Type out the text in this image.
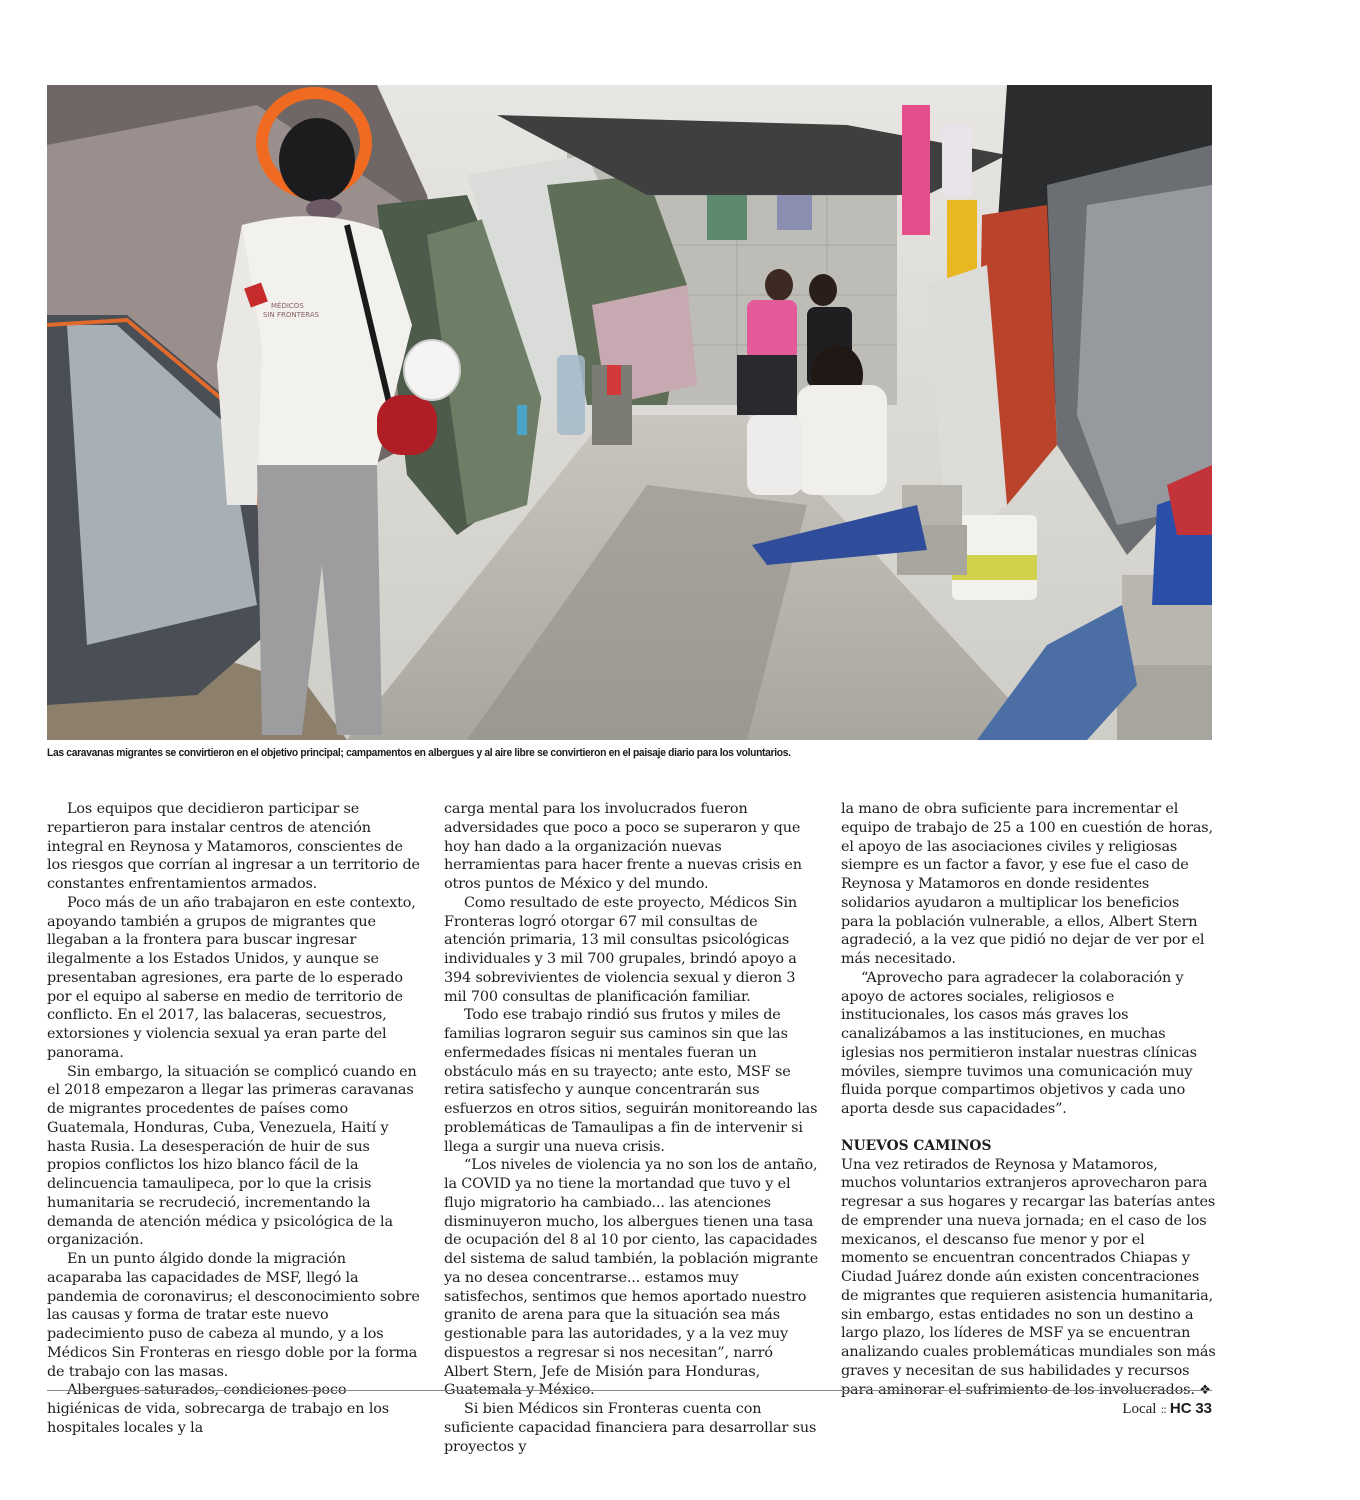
MÉDICOS
SIN FRONTERAS
Las caravanas migrantes se convirtieron en el objetivo principal; campamentos en albergues y al aire libre se convirtieron en el paisaje diario para los voluntarios.

Los equipos que decidieron participar se repartieron para instalar centros de atención integral en Reynosa y Matamoros, conscientes de los riesgos que corrían al ingresar a un territorio de constantes enfrentamientos armados.

Poco más de un año trabajaron en este contexto, apoyando también a grupos de migrantes que llegaban a la frontera para buscar ingresar ilegalmente a los Estados Unidos, y aunque se presentaban agresiones, era parte de lo esperado por el equipo al saberse en medio de territorio de conflicto. En el 2017, las balaceras, secuestros, extorsiones y violencia sexual ya eran parte del panorama.

Sin embargo, la situación se complicó cuando en el 2018 empezaron a llegar las primeras caravanas de migrantes procedentes de países como Guatemala, Honduras, Cuba, Venezuela, Haití y hasta Rusia. La desesperación de huir de sus propios conflictos los hizo blanco fácil de la delincuencia tamaulipeca, por lo que la crisis humanitaria se recrudeció, incrementando la demanda de atención médica y psicológica de la organización.

En un punto álgido donde la migración acaparaba las capacidades de MSF, llegó la pandemia de coronavirus; el desconocimiento sobre las causas y forma de tratar este nuevo padecimiento puso de cabeza al mundo, y a los Médicos Sin Fronteras en riesgo doble por la forma de trabajo con las masas.

Albergues saturados, condiciones poco higiénicas de vida, sobrecarga de trabajo en los hospitales locales y la

carga mental para los involucrados fueron adversidades que poco a poco se superaron y que hoy han dado a la organización nuevas herramientas para hacer frente a nuevas crisis en otros puntos de México y del mundo.

Como resultado de este proyecto, Médicos Sin Fronteras logró otorgar 67 mil consultas de atención primaria, 13 mil consultas psicológicas individuales y 3 mil 700 grupales, brindó apoyo a 394 sobrevivientes de violencia sexual y dieron 3 mil 700 consultas de planificación familiar.

Todo ese trabajo rindió sus frutos y miles de familias lograron seguir sus caminos sin que las enfermedades físicas ni mentales fueran un obstáculo más en su trayecto; ante esto, MSF se retira satisfecho y aunque concentrarán sus esfuerzos en otros sitios, seguirán monitoreando las problemáticas de Tamaulipas a fin de intervenir si llega a surgir una nueva crisis.

“Los niveles de violencia ya no son los de antaño, la COVID ya no tiene la mortandad que tuvo y el flujo migratorio ha cambiado... las atenciones disminuyeron mucho, los albergues tienen una tasa de ocupación del 8 al 10 por ciento, las capacidades del sistema de salud también, la población migrante ya no desea concentrarse... estamos muy satisfechos, sentimos que hemos aportado nuestro granito de arena para que la situación sea más gestionable para las autoridades, y a la vez muy dispuestos a regresar si nos necesitan”, narró Albert Stern, Jefe de Misión para Honduras, Guatemala y México.

Si bien Médicos sin Fronteras cuenta con suficiente capacidad financiera para desarrollar sus proyectos y

la mano de obra suficiente para incrementar el equipo de trabajo de 25 a 100 en cuestión de horas, el apoyo de las asociaciones civiles y religiosas siempre es un factor a favor, y ese fue el caso de Reynosa y Matamoros en donde residentes solidarios ayudaron a multiplicar los beneficios para la población vulnerable, a ellos, Albert Stern agradeció, a la vez que pidió no dejar de ver por el más necesitado.

“Aprovecho para agradecer la colaboración y apoyo de actores sociales, religiosos e institucionales, los casos más graves los canalizábamos a las instituciones, en muchas iglesias nos permitieron instalar nuestras clínicas móviles, siempre tuvimos una comunicación muy fluida porque compartimos objetivos y cada uno aporta desde sus capacidades”.

NUEVOS CAMINOS

Una vez retirados de Reynosa y Matamoros, muchos voluntarios extranjeros aprovecharon para regresar a sus hogares y recargar las baterías antes de emprender una nueva jornada; en el caso de los mexicanos, el descanso fue menor y por el momento se encuentran concentrados Chiapas y Ciudad Juárez donde aún existen concentraciones de migrantes que requieren asistencia humanitaria, sin embargo, estas entidades no son un destino a largo plazo, los líderes de MSF ya se encuentran analizando cuales problemáticas mundiales son más graves y necesitan de sus habilidades y recursos para aminorar el sufrimiento de los involucrados. ❖

Local :: HC 33
